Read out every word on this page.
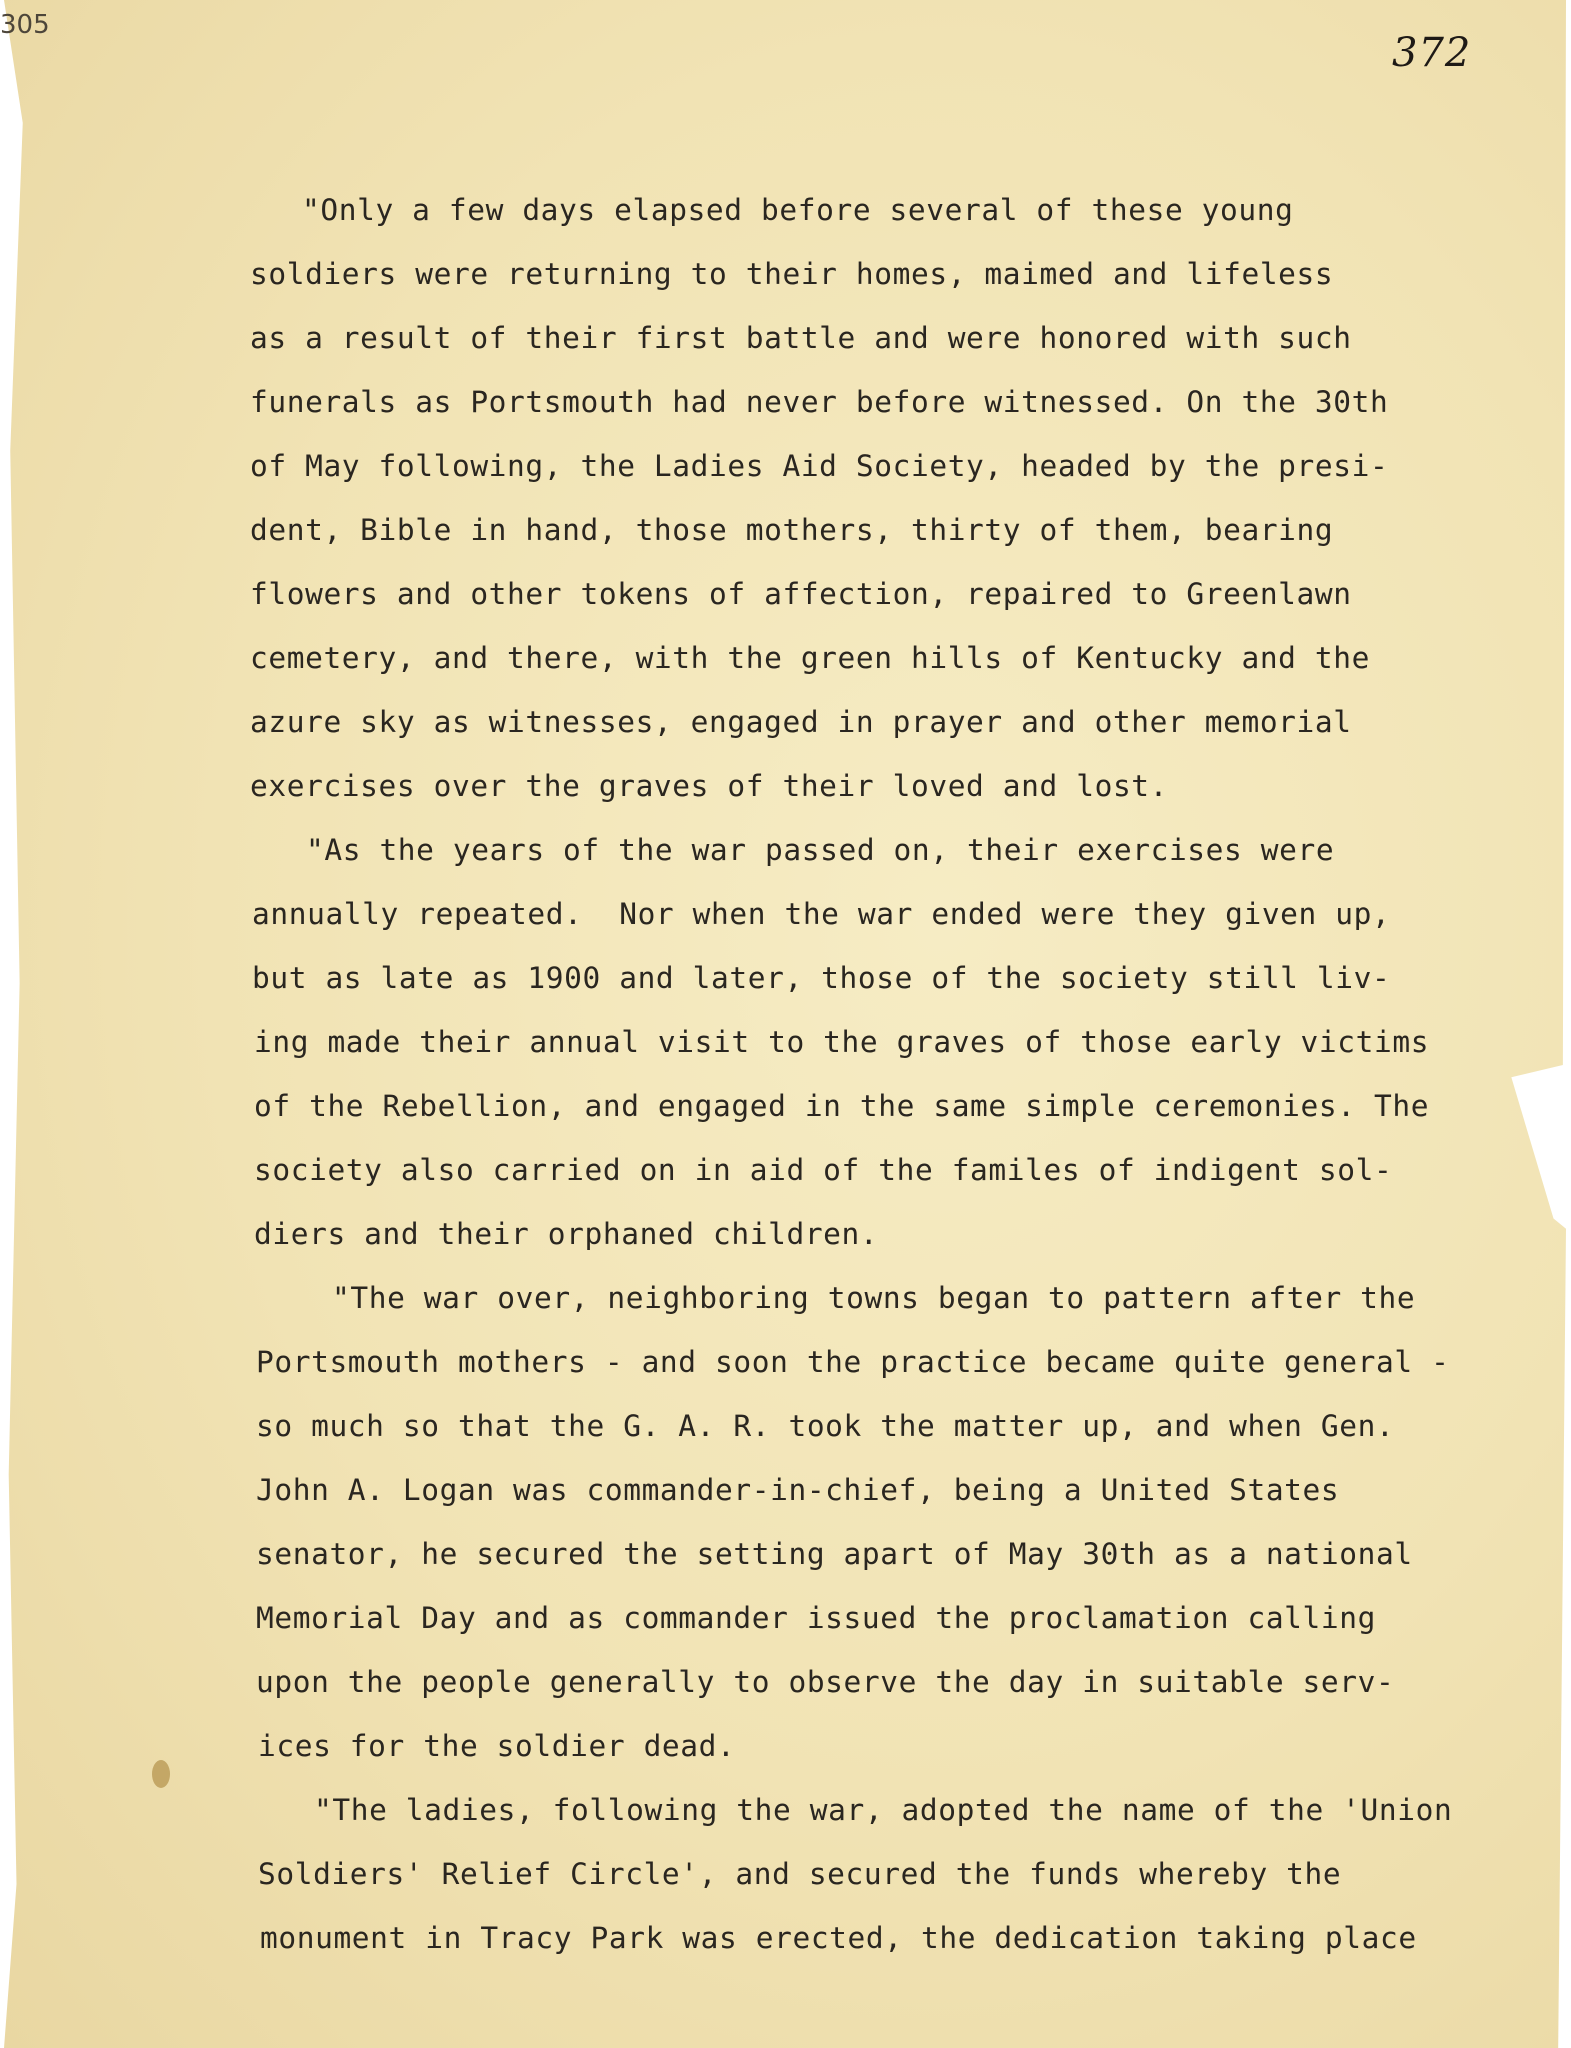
305
372
"Only a few days elapsed before several of these young
soldiers were returning to their homes, maimed and lifeless
as a result of their first battle and were honored with such
funerals as Portsmouth had never before witnessed. On the 30th
of May following, the Ladies Aid Society, headed by the presi-
dent, Bible in hand, those mothers, thirty of them, bearing
flowers and other tokens of affection, repaired to Greenlawn
cemetery, and there, with the green hills of Kentucky and the
azure sky as witnesses, engaged in prayer and other memorial
exercises over the graves of their loved and lost.
"As the years of the war passed on, their exercises were
annually repeated.  Nor when the war ended were they given up,
but as late as 1900 and later, those of the society still liv-
ing made their annual visit to the graves of those early victims
of the Rebellion, and engaged in the same simple ceremonies. The
society also carried on in aid of the familes of indigent sol-
diers and their orphaned children.
"The war over, neighboring towns began to pattern after the
Portsmouth mothers - and soon the practice became quite general -
so much so that the G. A. R. took the matter up, and when Gen.
John A. Logan was commander-in-chief, being a United States
senator, he secured the setting apart of May 30th as a national
Memorial Day and as commander issued the proclamation calling
upon the people generally to observe the day in suitable serv-
ices for the soldier dead.
"The ladies, following the war, adopted the name of the 'Union
Soldiers' Relief Circle', and secured the funds whereby the
monument in Tracy Park was erected, the dedication taking place
